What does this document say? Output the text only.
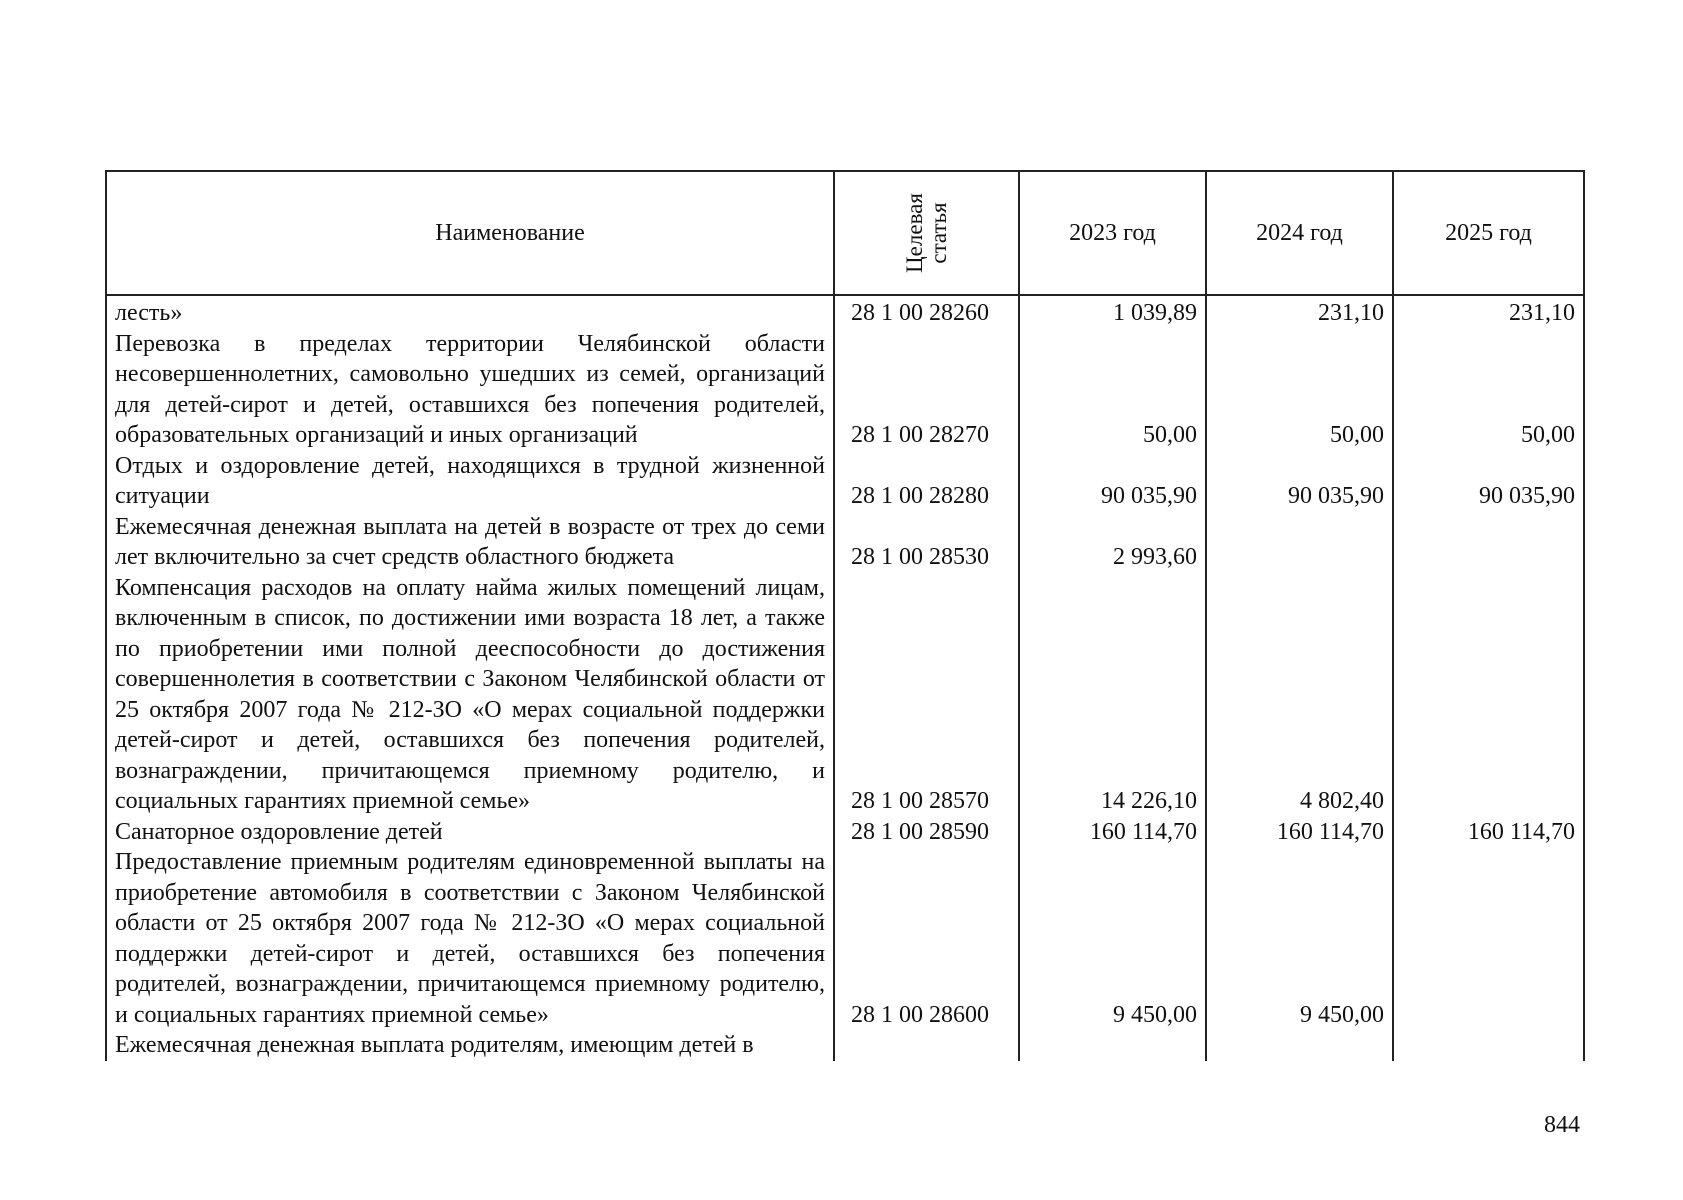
Наименование	Целевая статья	2023 год	2024 год	2025 год
лесть»	28 1 00 28260	1 039,89	231,10	231,10
Перевозка в пределах территории Челябинской области несовершеннолетних, самовольно ушедших из семей, организаций для детей-сирот и детей, оставшихся без попечения родителей, образовательных организаций и иных организаций	28 1 00 28270	50,00	50,00	50,00
Отдых и оздоровление детей, находящихся в трудной жизненной ситуации	28 1 00 28280	90 035,90	90 035,90	90 035,90
Ежемесячная денежная выплата на детей в возрасте от трех до семи лет включительно за счет средств областного бюджета	28 1 00 28530	2 993,60		
Компенсация расходов на оплату найма жилых помещений лицам, включенным в список, по достижении ими возраста 18 лет, а также по приобретении ими полной дееспособности до достижения совершеннолетия в соответствии с Законом Челябинской области от 25 октября 2007 года № 212-ЗО «О мерах социальной поддержки детей-сирот и детей, оставшихся без попечения родителей, вознаграждении, причитающемся приемному родителю, и социальных гарантиях приемной семье»	28 1 00 28570	14 226,10	4 802,40	
Санаторное оздоровление детей	28 1 00 28590	160 114,70	160 114,70	160 114,70
Предоставление приемным родителям единовременной выплаты на приобретение автомобиля в соответствии с Законом Челябинской области от 25 октября 2007 года № 212-ЗО «О мерах социальной поддержки детей-сирот и детей, оставшихся без попечения родителей, вознаграждении, причитающемся приемному родителю, и социальных гарантиях приемной семье»	28 1 00 28600	9 450,00	9 450,00	
Ежемесячная денежная выплата родителям, имеющим детей в				
844
